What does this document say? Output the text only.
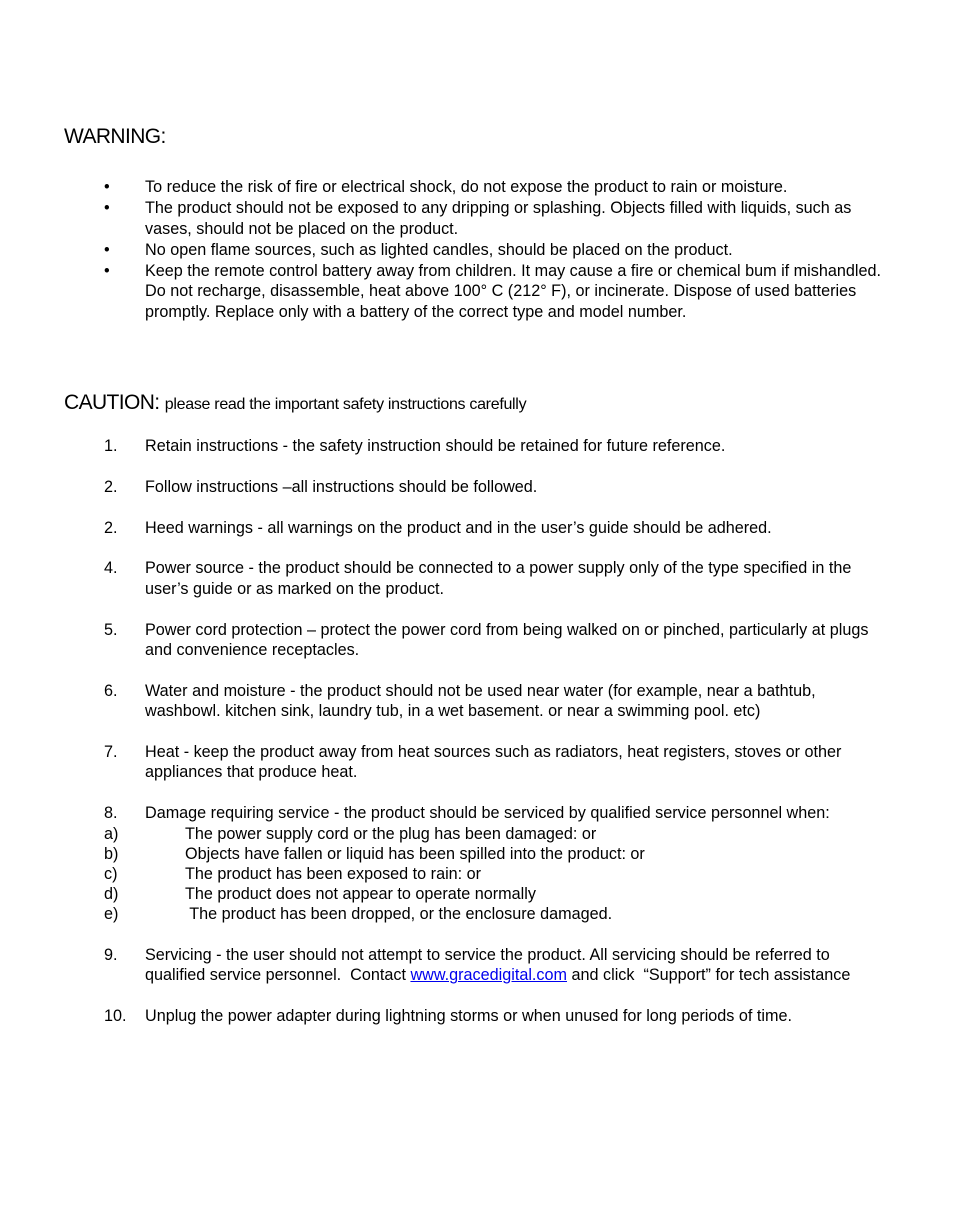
WARNING:
• To reduce the risk of fire or electrical shock, do not expose the product to rain or moisture.
• The product should not be exposed to any dripping or splashing. Objects filled with liquids, such as vases, should not be placed on the product.
• No open flame sources, such as lighted candles, should be placed on the product.
• Keep the remote control battery away from children. It may cause a fire or chemical bum if mishandled. Do not recharge, disassemble, heat above 100° C (212° F), or incinerate. Dispose of used batteries promptly. Replace only with a battery of the correct type and model number.
CAUTION: please read the important safety instructions carefully
1.	Retain instructions - the safety instruction should be retained for future reference.
2.	Follow instructions –all instructions should be followed.
2.	Heed warnings - all warnings on the product and in the user’s guide should be adhered.
4.	Power source - the product should be connected to a power supply only of the type specified in the user’s guide or as marked on the product.
5.	Power cord protection – protect the power cord from being walked on or pinched, particularly at plugs and convenience receptacles.
6.	Water and moisture - the product should not be used near water (for example, near a bathtub, washbowl. kitchen sink, laundry tub, in a wet basement. or near a swimming pool. etc)
7.	Heat - keep the product away from heat sources such as radiators, heat registers, stoves or other appliances that produce heat.
8.	Damage requiring service - the product should be serviced by qualified service personnel when:
a)	The power supply cord or the plug has been damaged: or
b)	Objects have fallen or liquid has been spilled into the product: or
c)	The product has been exposed to rain: or
d)	The product does not appear to operate normally
e)	The product has been dropped, or the enclosure damaged.
9.	Servicing - the user should not attempt to service the product. All servicing should be referred to qualified service personnel.  Contact www.gracedigital.com and click  “Support” for tech assistance
10.	Unplug the power adapter during lightning storms or when unused for long periods of time.
